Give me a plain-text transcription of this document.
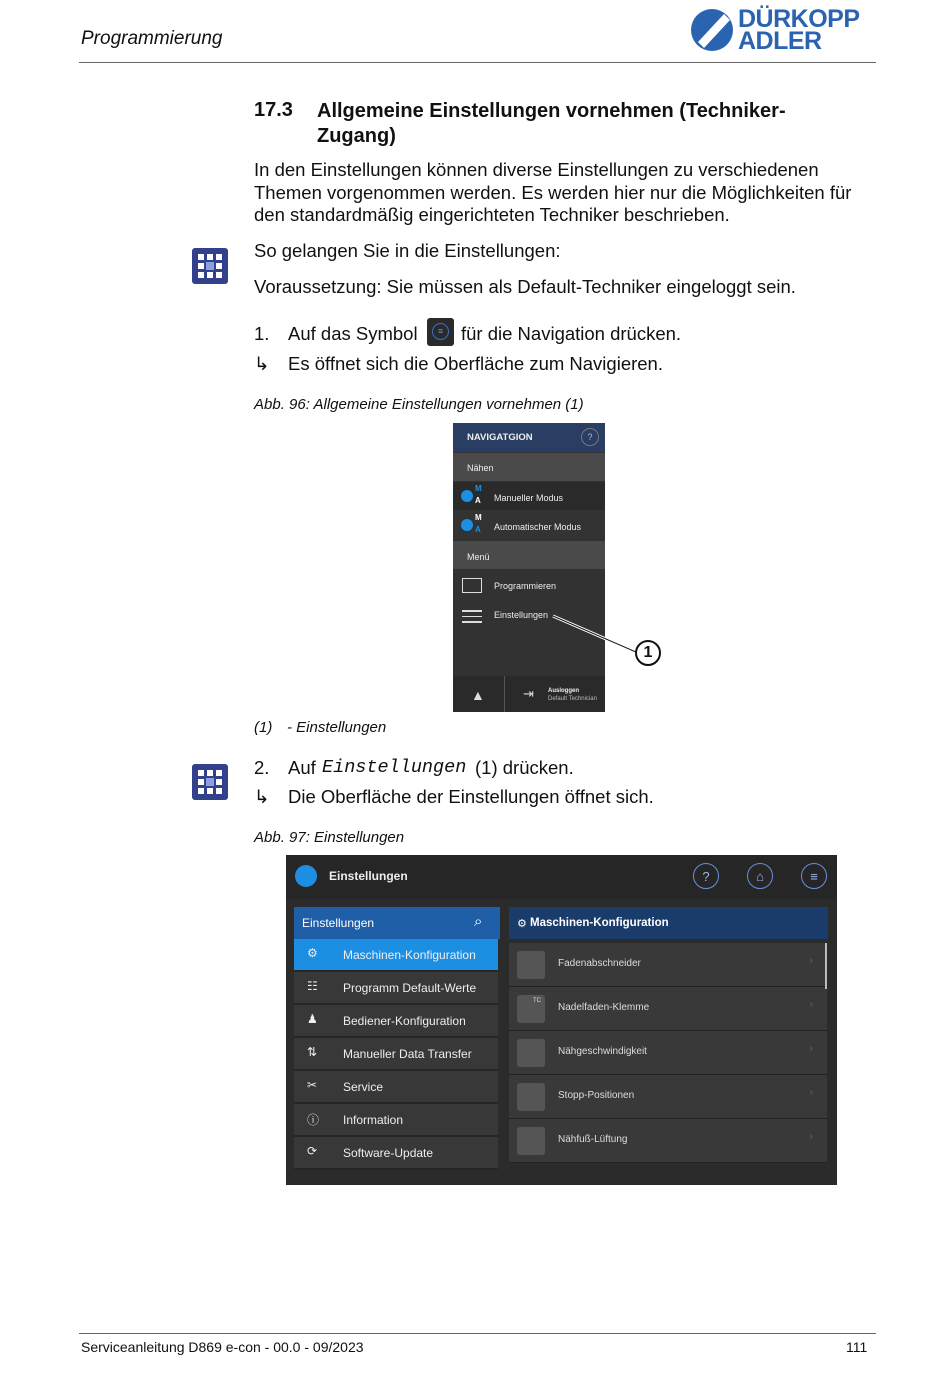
Programmierung
DÜRKOPP
ADLER
17.3 Allgemeine Einstellungen vornehmen (Techniker-Zugang)
In den Einstellungen können diverse Einstellungen zu verschiedenen Themen vorgenommen werden. Es werden hier nur die Möglichkeiten für den standardmäßig eingerichteten Techniker beschrieben.
So gelangen Sie in die Einstellungen:
Voraussetzung: Sie müssen als Default-Techniker eingeloggt sein.
1. Auf das Symbol	≡ für die Navigation drücken.
↳ Es öffnet sich die Oberfläche zum Navigieren.
Abb. 96: Allgemeine Einstellungen vornehmen (1)
NAVIGATGION	?
Nähen
M
A Manueller Modus
M
A Automatischer Modus
Menü
Programmieren
Einstellungen
▲	⇥ Ausloggen
Default Technician
1
(1) - Einstellungen
2. Auf Einstellungen (1) drücken.
↳ Die Oberfläche der Einstellungen öffnet sich.
Abb. 97: Einstellungen
Einstellungen	?	⌂	≡
Einstellungen	⌕
⚙ Maschinen-Konfiguration
☷ Programm Default-Werte
♟ Bediener-Konfiguration
⇅ Manueller Data Transfer
✂ Service
ⓘ Information
⟳ Software-Update
⚙ Maschinen-Konfiguration
Fadenabschneider	›
TC
Nadelfaden-Klemme	›
Nähgeschwindigkeit	›
Stopp-Positionen	›
Nähfuß-Lüftung	›
Serviceanleitung D869 e-con - 00.0 - 09/2023	111
